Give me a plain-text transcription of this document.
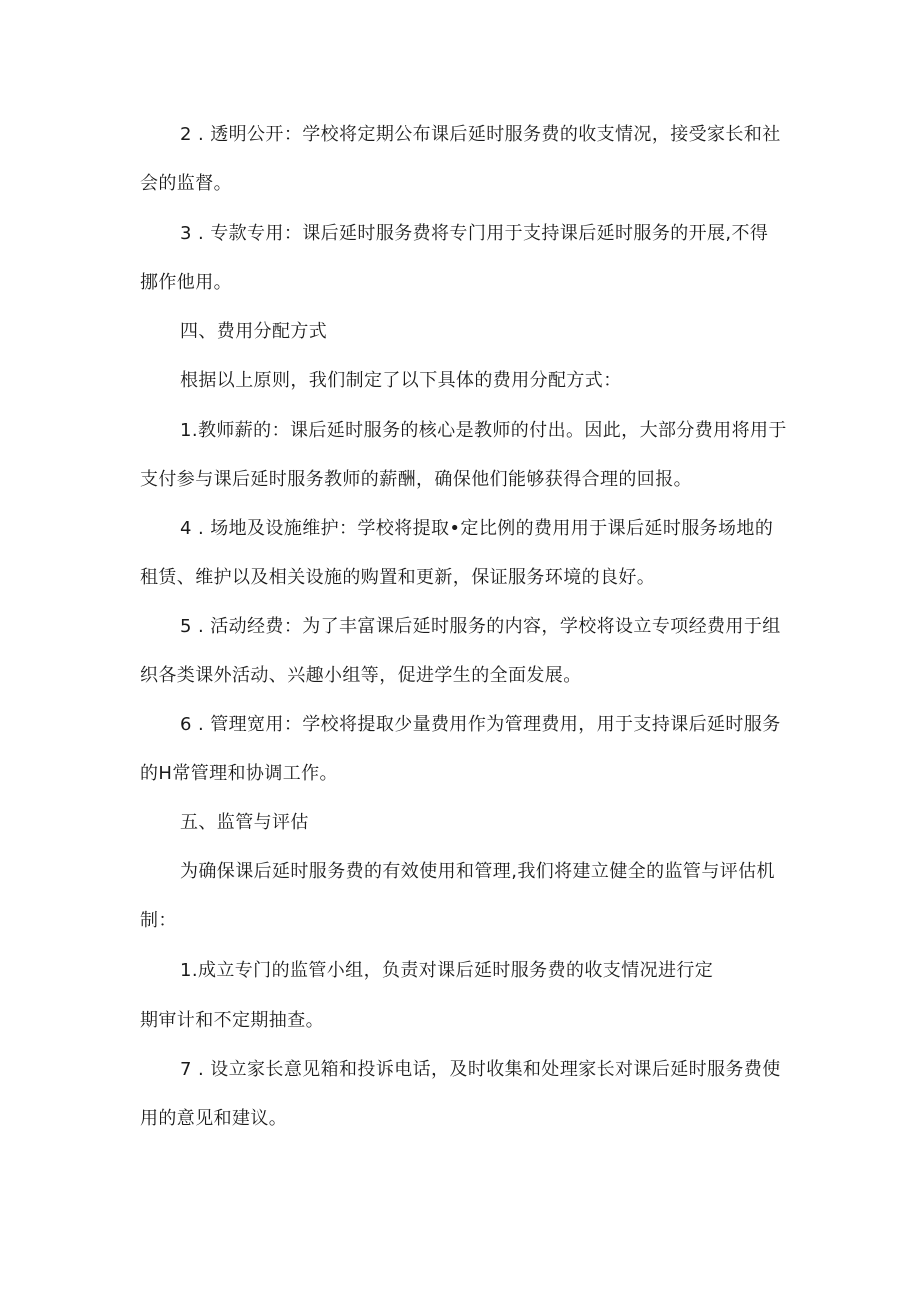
2 . 透明公开：学校将定期公布课后延时服务费的收支情况，接受家长和社
会的监督。
3 . 专款专用：课后延时服务费将专门用于支持课后延时服务的开展,不得
挪作他用。
四、费用分配方式
根据以上原则，我们制定了以下具体的费用分配方式：
1.教师薪的：课后延时服务的核心是教师的付出。因此，大部分费用将用于
支付参与课后延时服务教师的薪酬，确保他们能够获得合理的回报。
4 . 场地及设施维护：学校将提取•定比例的费用用于课后延时服务场地的
租赁、维护以及相关设施的购置和更新，保证服务环境的良好。
5 . 活动经费：为了丰富课后延时服务的内容，学校将设立专项经费用于组
织各类课外活动、兴趣小组等，促进学生的全面发展。
6 . 管理宽用：学校将提取少量费用作为管理费用，用于支持课后延时服务
的H常管理和协调工作。
五、监管与评估
为确保课后延时服务费的有效使用和管理,我们将建立健全的监管与评估机
制：
1.成立专门的监管小组，负责对课后延时服务费的收支情况进行定
期审计和不定期抽查。
7 . 设立家长意见箱和投诉电话，及时收集和处理家长对课后延时服务费使
用的意见和建议。
